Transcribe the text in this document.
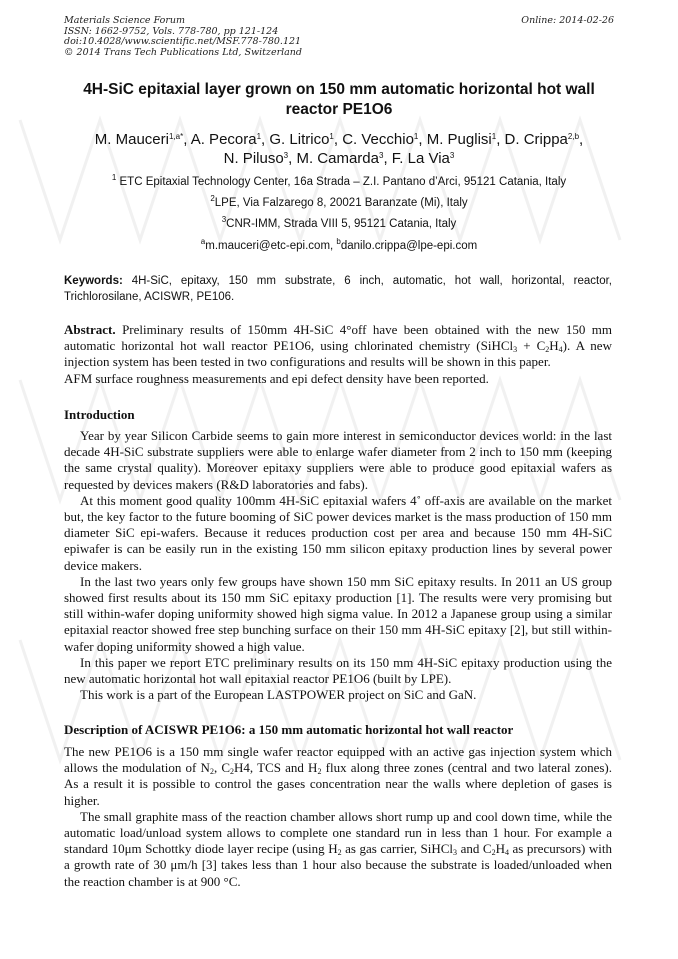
Materials Science Forum
ISSN: 1662-9752, Vols. 778-780, pp 121-124
doi:10.4028/www.scientific.net/MSF.778-780.121
© 2014 Trans Tech Publications Ltd, Switzerland
Online: 2014-02-26
4H-SiC epitaxial layer grown on 150 mm automatic horizontal hot wall reactor PE1O6
M. Mauceri$^{1,a*}$, A. Pecora$^1$, G. Litrico$^1$, C. Vecchio$^1$, M. Puglisi$^1$, D. Crippa$^{2,b}$,
N. Piluso$^3$, M. Camarda$^3$, F. La Via$^3$
$^1$ ETC Epitaxial Technology Center, 16a Strada – Z.I. Pantano d’Arci, 95121 Catania, Italy
$^2$LPE, Via Falzarego 8, 20021 Baranzate (Mi), Italy
$^3$CNR-IMM, Strada VIII 5, 95121 Catania, Italy
$^a$m.mauceri@etc-epi.com, $^b$danilo.crippa@lpe-epi.com
Keywords: 4H-SiC, epitaxy, 150 mm substrate, 6 inch, automatic, hot wall, horizontal, reactor, Trichlorosilane, ACISWR, PE106.

Abstract. Preliminary results of 150mm 4H-SiC 4°off have been obtained with the new 150 mm automatic horizontal hot wall reactor PE1O6, using chlorinated chemistry (SiHCl$_3$ + $C_2H_4$). A new injection system has been tested in two configurations and results will be shown in this paper.

AFM surface roughness measurements and epi defect density have been reported.

Introduction

Year by year Silicon Carbide seems to gain more interest in semiconductor devices world: in the last decade 4H-SiC substrate suppliers were able to enlarge wafer diameter from 2 inch to 150 mm (keeping the same crystal quality). Moreover epitaxy suppliers were able to produce good epitaxial wafers as requested by devices makers (R&D laboratories and fabs).

At this moment good quality 100mm 4H-SiC epitaxial wafers 4˚ off-axis are available on the market but, the key factor to the future booming of SiC power devices market is the mass production of 150 mm diameter SiC epi-wafers. Because it reduces production cost per area and because 150 mm 4H-SiC epiwafer is can be easily run in the existing 150 mm silicon epitaxy production lines by several power device makers.

In the last two years only few groups have shown 150 mm SiC epitaxy results. In 2011 an US group showed first results about its 150 mm SiC epitaxy production [1]. The results were very promising but still within-wafer doping uniformity showed high sigma value. In 2012 a Japanese group using a similar epitaxial reactor showed free step bunching surface on their 150 mm 4H-SiC epitaxy [2], but still within-wafer doping uniformity showed a high value.

In this paper we report ETC preliminary results on its 150 mm 4H-SiC epitaxy production using the new automatic horizontal hot wall epitaxial reactor PE1O6 (built by LPE).

This work is a part of the European LASTPOWER project on SiC and GaN.

Description of ACISWR PE1O6: a 150 mm automatic horizontal hot wall reactor

The new PE1O6 is a 150 mm single wafer reactor equipped with an active gas injection system which allows the modulation of $N_2$, $C_2H4$, TCS and $H_2$ flux along three zones (central and two lateral zones). As a result it is possible to control the gases concentration near the walls where depletion of gases is higher.

The small graphite mass of the reaction chamber allows short rump up and cool down time, while the automatic load/unload system allows to complete one standard run in less than 1 hour. For example a standard 10μm Schottky diode layer recipe (using $H_2$ as gas carrier, SiHCl$_3$ and $C_2H_4$ as precursors) with a growth rate of 30 μm/h [3] takes less than 1 hour also because the substrate is loaded/unloaded when the reaction chamber is at 900 °C.
